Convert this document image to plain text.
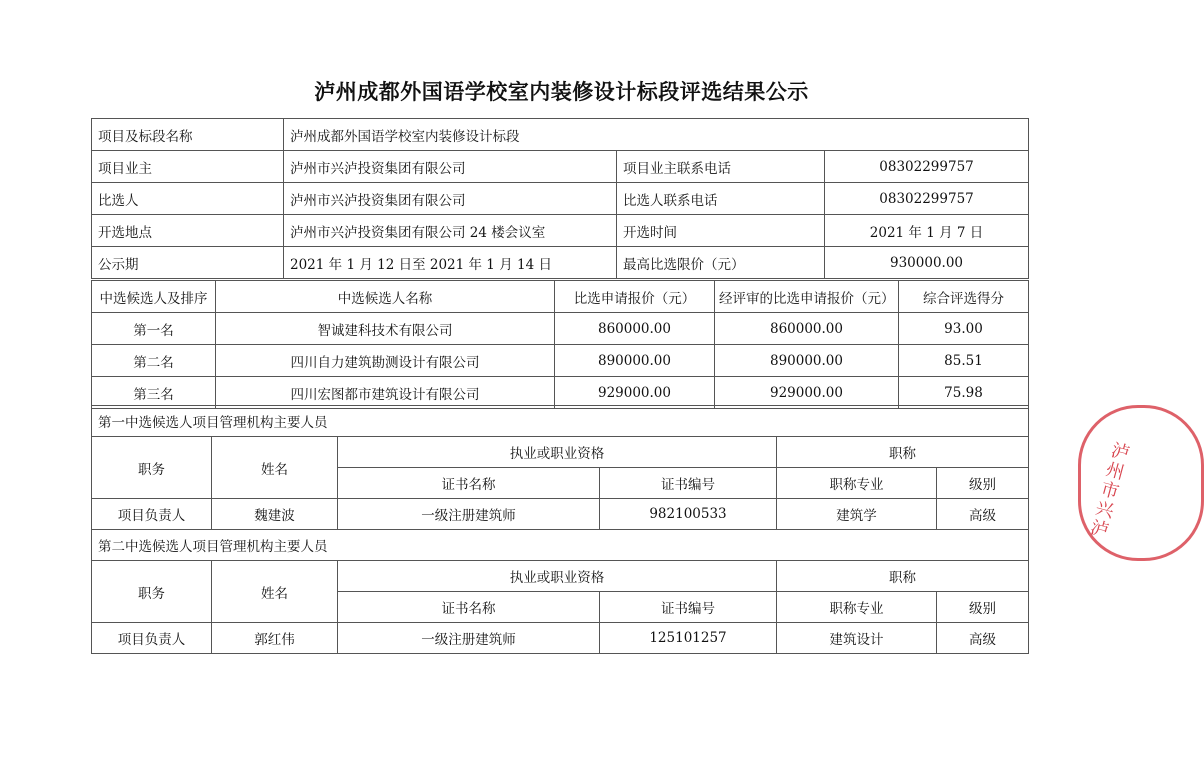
泸州成都外国语学校室内装修设计标段评选结果公示
项目及标段名称	泸州成都外国语学校室内装修设计标段		
项目业主	泸州市兴泸投资集团有限公司	项目业主联系电话	08302299757
比选人	泸州市兴泸投资集团有限公司	比选人联系电话	08302299757
开选地点	泸州市兴泸投资集团有限公司 24 楼会议室	开选时间	2021 年 1 月 7 日
公示期	2021 年 1 月 12 日至 2021 年 1 月 14 日	最高比选限价（元）	930000.00
中选候选人及排序	中选候选人名称	比选申请报价（元）	经评审的比选申请报价（元）	综合评选得分
第一名	智诚建科技术有限公司	860000.00	860000.00	93.00
第二名	四川自力建筑勘测设计有限公司	890000.00	890000.00	85.51
第三名	四川宏图都市建筑设计有限公司	929000.00	929000.00	75.98
第一中选候选人项目管理机构主要人员					
职务	姓名	执业或职业资格		职称	
		证书名称	证书编号	职称专业	级别
项目负责人	魏建波	一级注册建筑师	982100533	建筑学	高级
第二中选候选人项目管理机构主要人员					
职务	姓名	执业或职业资格		职称	
		证书名称	证书编号	职称专业	级别
项目负责人	郭红伟	一级注册建筑师	125101257	建筑设计	高级
泸州市兴泸
